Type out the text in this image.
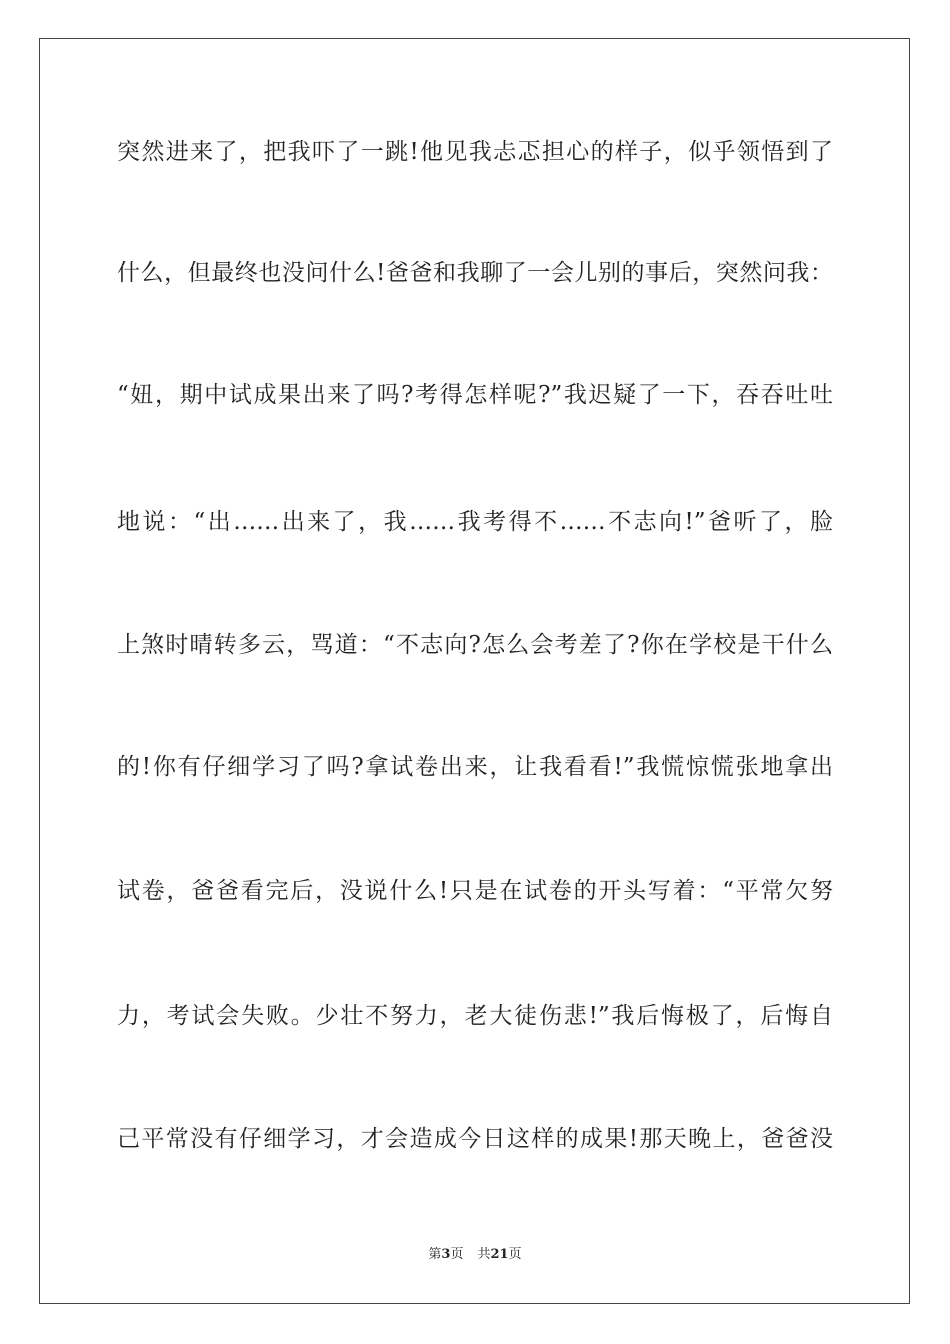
突然进来了，把我吓了一跳!他见我忐忑担心的样子，似乎领悟到了
什么，但最终也没问什么!爸爸和我聊了一会儿别的事后，突然问我：
“妞，期中试成果出来了吗?考得怎样呢?”我迟疑了一下，吞吞吐吐
地说：“出……出来了，我……我考得不……不志向!”爸听了，脸
上煞时晴转多云，骂道：“不志向?怎么会考差了?你在学校是干什么
的!你有仔细学习了吗?拿试卷出来，让我看看!”我慌惊慌张地拿出
试卷，爸爸看完后，没说什么!只是在试卷的开头写着：“平常欠努
力，考试会失败。少壮不努力，老大徒伤悲!”我后悔极了，后悔自
己平常没有仔细学习，才会造成今日这样的成果!那天晚上，爸爸没
第3页 共21页
